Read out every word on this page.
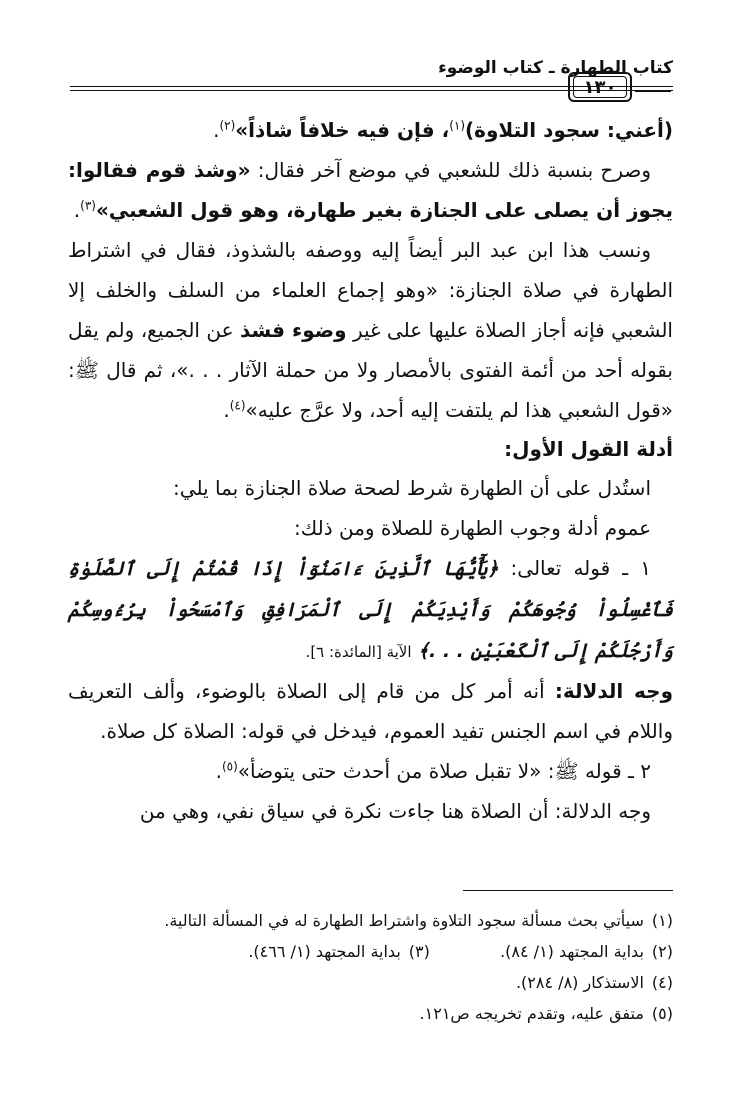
كتاب الطهارة ـ كتاب الوضوء
١٣٠

(أعني: سجود التلاوة)$^{(١)}$، فإن فيه خلافاً شاذاً»$^{(٢)}$.

وصرح بنسبة ذلك للشعبي في موضع آخر فقال: «وشذ قوم فقالوا: يجوز أن يصلى على الجنازة بغير طهارة، وهو قول الشعبي»$^{(٣)}$.

ونسب هذا ابن عبد البر أيضاً إليه ووصفه بالشذوذ، فقال في اشتراط الطهارة في صلاة الجنازة: «وهو إجماع العلماء من السلف والخلف إلا الشعبي فإنه أجاز الصلاة عليها على غير وضوء فشذ عن الجميع، ولم يقل بقوله أحد من أئمة الفتوى بالأمصار ولا من حملة الآثار . . .»، ثم قال ﷺ: «قول الشعبي هذا لم يلتفت إليه أحد، ولا عرَّج عليه»$^{(٤)}$.

أدلة القول الأول:

استُدل على أن الطهارة شرط لصحة صلاة الجنازة بما يلي:

عموم أدلة وجوب الطهارة للصلاة ومن ذلك:

١ ـ قوله تعالى: ﴿يَٰٓأَيُّهَا ٱلَّذِينَ ءَامَنُوٓاْ إِذَا قُمْتُمْ إِلَى ٱلصَّلَوٰةِ فَٱغْسِلُواْ وُجُوهَكُمْ وَأَيْدِيَكُمْ إِلَى ٱلْمَرَافِقِ وَٱمْسَحُواْ بِرُءُوسِكُمْ وَأَرْجُلَكُمْ إِلَى ٱلْكَعْبَيْنِ . . .﴾ الآية [المائدة: ٦].

وجه الدلالة: أنه أمر كل من قام إلى الصلاة بالوضوء، وألف التعريف واللام في اسم الجنس تفيد العموم، فيدخل في قوله: الصلاة كل صلاة.

٢ ـ قوله ﷺ: «لا تقبل صلاة من أحدث حتى يتوضأ»$^{(٥)}$.

وجه الدلالة: أن الصلاة هنا جاءت نكرة في سياق نفي، وهي من

(١) سيأتي بحث مسألة سجود التلاوة واشتراط الطهارة له في المسألة التالية.
(٢) بداية المجتهد (١/ ٨٤).  (٣) بداية المجتهد (١/ ٤٦٦).
(٤) الاستذكار (٨/ ٢٨٤).
(٥) متفق عليه، وتقدم تخريجه ص١٢١.
